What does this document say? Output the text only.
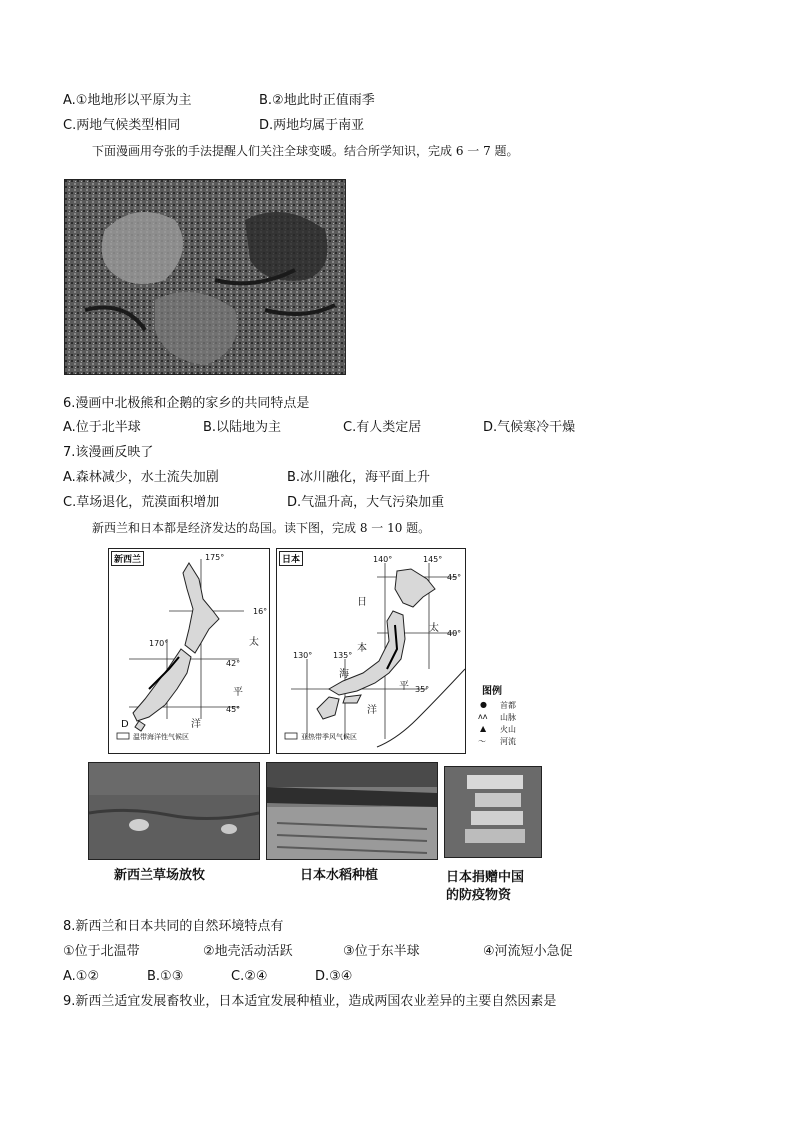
A.①地地形以平原为主	B.②地此时正值雨季
C.两地气候类型相同	D.两地均属于南亚
下面漫画用夸张的手法提醒人们关注全球变暖。结合所学知识，完成 6 一 7 题。
6.漫画中北极熊和企鹅的家乡的共同特点是
A.位于北半球	B.以陆地为主	C.有人类定居	D.气候寒冷干燥
7.该漫画反映了
A.森林减少，水土流失加剧	B.冰川融化，海平面上升
C.草场退化，荒漠面积增加	D.气温升高，大气污染加重
新西兰和日本都是经济发达的岛国。读下图，完成 8 一 10 题。
新西兰	175°
170°
42°
45°
16°
太
平
洋
D
温带海洋性气候区
日本	140°	145°
130°	135°
45°
40°
35°
日
本
海
太
平
洋
亚热带季风气候区
图例
● 首都
ʌʌ 山脉
▲ 火山
〜 河流
新西兰草场放牧	日本水稻种植	日本捐赠中国
的防疫物资
8.新西兰和日本共同的自然环境特点有
①位于北温带	②地壳活动活跃	③位于东半球	④河流短小急促
A.①②	B.①③	C.②④	D.③④
9.新西兰适宜发展畜牧业，日本适宜发展种植业，造成两国农业差异的主要自然因素是
